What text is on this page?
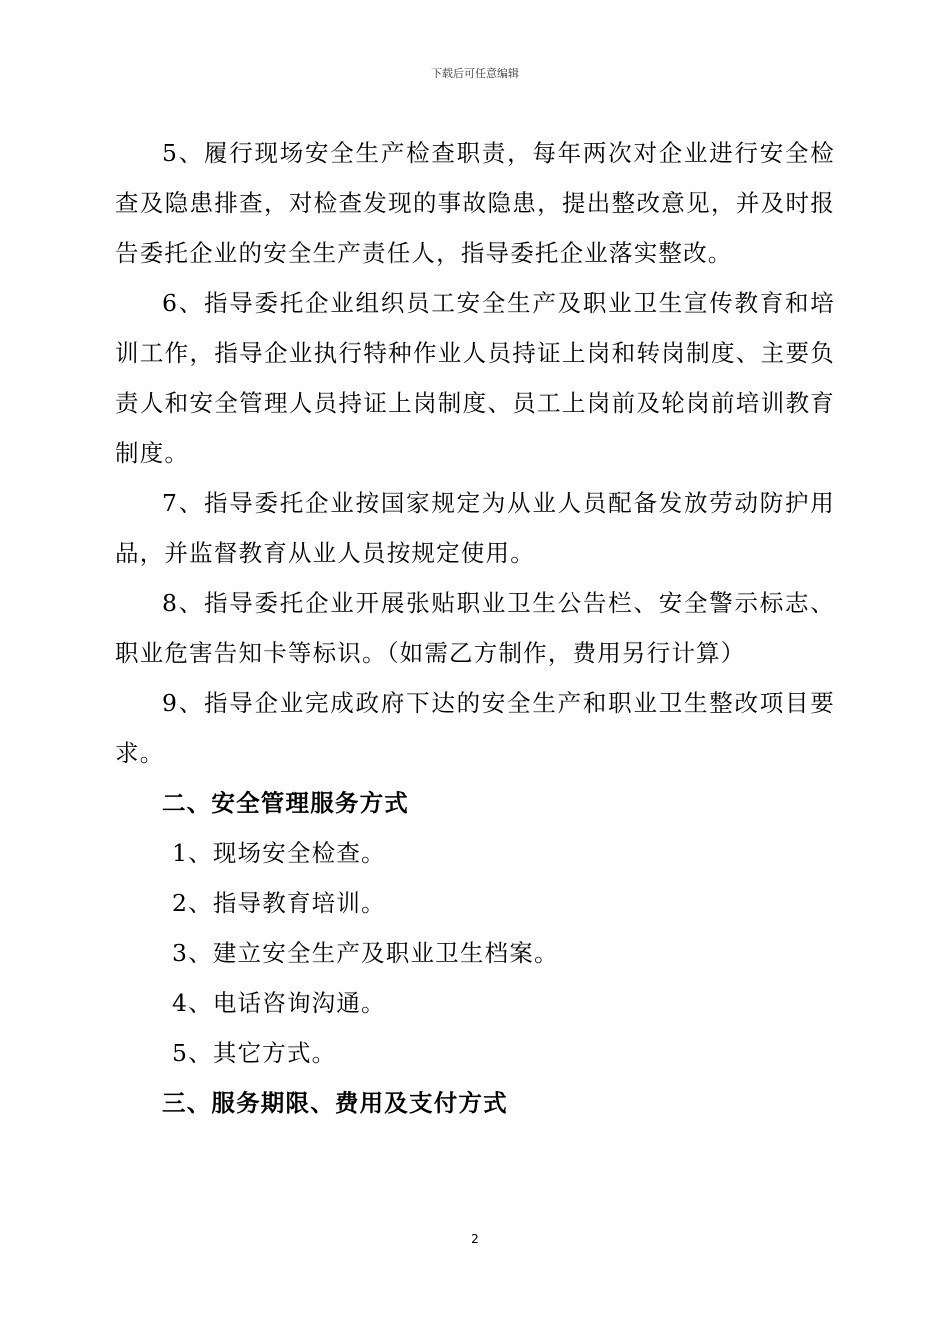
下载后可任意编辑

5、履行现场安全生产检查职责，每年两次对企业进行安全检查及隐患排查，对检查发现的事故隐患，提出整改意见，并及时报告委托企业的安全生产责任人，指导委托企业落实整改。

6、指导委托企业组织员工安全生产及职业卫生宣传教育和培训工作，指导企业执行特种作业人员持证上岗和转岗制度、主要负责人和安全管理人员持证上岗制度、员工上岗前及轮岗前培训教育制度。

7、指导委托企业按国家规定为从业人员配备发放劳动防护用品，并监督教育从业人员按规定使用。

8、指导委托企业开展张贴职业卫生公告栏、安全警示标志、职业危害告知卡等标识。（如需乙方制作，费用另行计算）

9、指导企业完成政府下达的安全生产和职业卫生整改项目要求。

二、安全管理服务方式

1、现场安全检查。

2、指导教育培训。

3、建立安全生产及职业卫生档案。

4、电话咨询沟通。

5、其它方式。

三、服务期限、费用及支付方式

2
